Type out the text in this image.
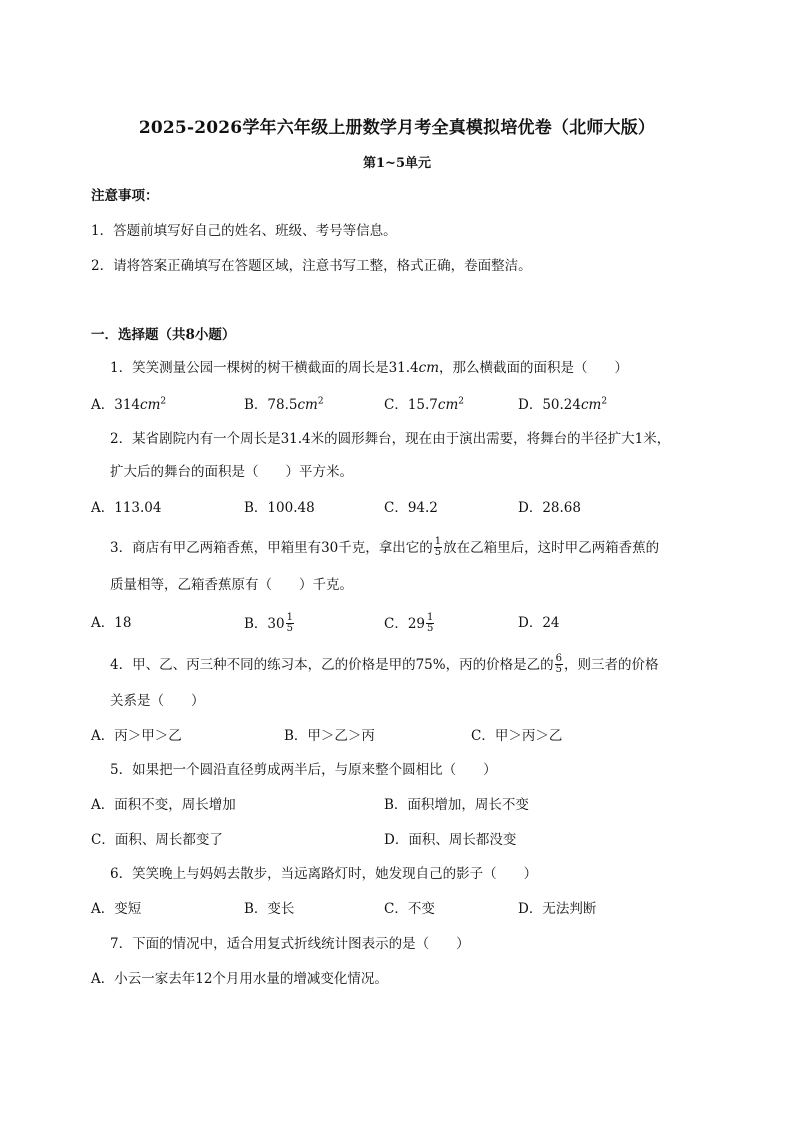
2025-2026学年六年级上册数学月考全真模拟培优卷（北师大版）
第1~5单元
注意事项：
1．答题前填写好自己的姓名、班级、考号等信息。
2．请将答案正确填写在答题区域，注意书写工整，格式正确，卷面整洁。
一．选择题（共8小题）
1．笑笑测量公园一棵树的树干横截面的周长是31.4cm，那么横截面的面积是（　　）
A．$314cm^2$	B．$78.5cm^2$	C．$15.7cm^2$	D．$50.24cm^2$
2．某省剧院内有一个周长是31.4米的圆形舞台，现在由于演出需要，将舞台的半径扩大1米，
扩大后的舞台的面积是（　　）平方米。
A．113.04	B．100.48	C．94.2	D．28.68
3．商店有甲乙两箱香蕉，甲箱里有30千克，拿出它的 $\frac{1}{5}$ 放在乙箱里后，这时甲乙两箱香蕉的
质量相等，乙箱香蕉原有（　　）千克。
A．18	B．$30 \frac{1}{5}$	C．$29 \frac{1}{5}$	D．24
4．甲、乙、丙三种不同的练习本，乙的价格是甲的75%，丙的价格是乙的 $\frac{6}{5}$ ，则三者的价格
关系是（　　）
A．丙＞甲＞乙	B．甲＞乙＞丙	C．甲＞丙＞乙
5．如果把一个圆沿直径剪成两半后，与原来整个圆相比（　　）
A．面积不变，周长增加	B．面积增加，周长不变
C．面积、周长都变了	D．面积、周长都没变
6．笑笑晚上与妈妈去散步，当远离路灯时，她发现自己的影子（　　）
A．变短	B．变长	C．不变	D．无法判断
7．下面的情况中，适合用复式折线统计图表示的是（　　）
A．小云一家去年12个月用水量的增减变化情况。
